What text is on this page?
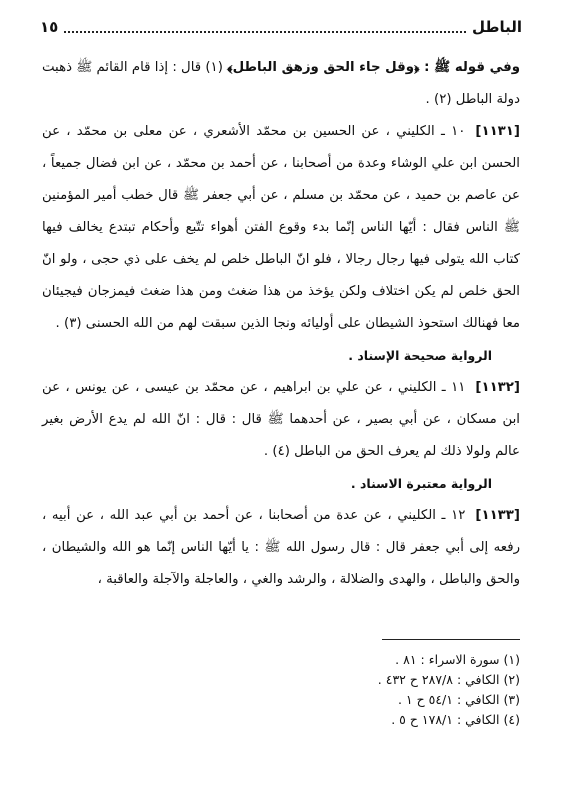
١٥	الباطل

وفي قوله ﷺ : ﴿وقل جاء الحق وزهق الباطل﴾ (١) قال : إذا قام القائم ﷺ ذهبت دولة الباطل (٢) .

[١١٣١]١٠ ـ الكليني ، عن الحسين بن محمّد الأشعري ، عن معلى بن محمّد ، عن الحسن ابن علي الوشاء وعدة من أصحابنا ، عن أحمد بن محمّد ، عن ابن فضال جميعاً ، عن عاصم بن حميد ، عن محمّد بن مسلم ، عن أبي جعفر ﷺ قال خطب أمير المؤمنين ﷺ الناس فقال : أيّها الناس إنّما بدء وقوع الفتن أهواء تتّبع وأحكام تبتدع يخالف فيها كتاب الله يتولى فيها رجال رجالا ، فلو انّ الباطل خلص لم يخف على ذي حجى ، ولو انّ الحق خلص لم يكن اختلاف ولكن يؤخذ من هذا ضغث ومن هذا ضغث فيمزجان فيجيئان معا فهنالك استحوذ الشيطان على أوليائه ونجا الذين سبقت لهم من الله الحسنى (٣) .

الرواية صحيحة الإسناد .

[١١٣٢]١١ ـ الكليني ، عن علي بن ابراهيم ، عن محمّد بن عيسى ، عن يونس ، عن ابن مسكان ، عن أبي بصير ، عن أحدهما ﷺ قال : قال : انّ الله لم يدع الأرض بغير عالم ولولا ذلك لم يعرف الحق من الباطل (٤) .

الرواية معتبرة الاسناد .

[١١٣٣]١٢ ـ الكليني ، عن عدة من أصحابنا ، عن أحمد بن أبي عبد الله ، عن أبيه ، رفعه إلى أبي جعفر قال : قال رسول الله ﷺ : يا أيّها الناس إنّما هو الله والشيطان ، والحق والباطل ، والهدى والضلالة ، والرشد والغي ، والعاجلة والآجلة والعاقبة ،

(١) سورة الاسراء : ٨١ .

(٢) الكافي : ٢٨٧/٨ ح ٤٣٢ .

(٣) الكافي : ٥٤/١ ح ١ .

(٤) الكافي : ١٧٨/١ ح ٥ .
